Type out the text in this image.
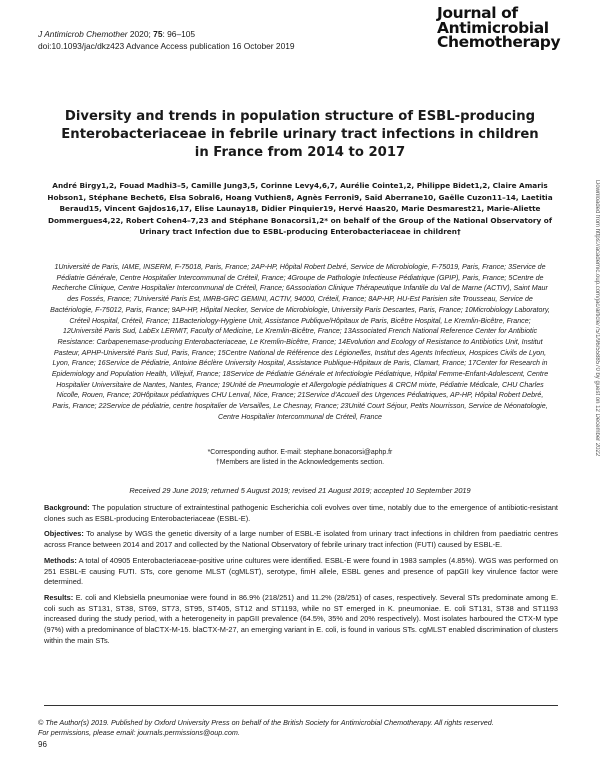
J Antimicrob Chemother 2020; 75: 96–105
doi:10.1093/jac/dkz423 Advance Access publication 16 October 2019
Journal of
Antimicrobial
Chemotherapy
Downloaded from https://academic.oup.com/jac/article/75/1/96/5588570 by guest on 12 December 2022
Diversity and trends in population structure of ESBL-producing Enterobacteriaceae in febrile urinary tract infections in children in France from 2014 to 2017
André Birgy1,2, Fouad Madhi3–5, Camille Jung3,5, Corinne Levy4,6,7, Aurélie Cointe1,2, Philippe Bidet1,2, Claire Amaris Hobson1, Stéphane Bechet6, Elsa Sobral6, Hoang Vuthien8, Agnès Ferroni9, Saïd Aberrane10, Gaëlle Cuzon11–14, Laetitia Beraud15, Vincent Gajdos16,17, Elise Launay18, Didier Pinquier19, Hervé Haas20, Marie Desmarest21, Marie-Aliette Dommergues4,22, Robert Cohen4–7,23 and Stéphane Bonacorsi1,2* on behalf of the Group of the National Observatory of Urinary tract Infection due to ESBL-producing Enterobacteriaceae in children†
1Université de Paris, IAME, INSERM, F-75018, Paris, France; 2AP-HP, Hôpital Robert Debré, Service de Microbiologie, F-75019, Paris, France; 3Service de Pédiatrie Générale, Centre Hospitalier Intercommunal de Créteil, France; 4Groupe de Pathologie Infectieuse Pédiatrique (GPIP), Paris, France; 5Centre de Recherche Clinique, Centre Hospitalier Intercommunal de Créteil, France; 6Association Clinique Thérapeutique Infantile du Val de Marne (ACTIV), Saint Maur des Fossés, France; 7Université Paris Est, IMRB-GRC GEMINI, ACTIV, 94000, Créteil, France; 8AP-HP, HU-Est Parisien site Trousseau, Service de Bactériologie, F-75012, Paris, France; 9AP-HP, Hôpital Necker, Service de Microbiologie, University Paris Descartes, Paris, France; 10Microbiology Laboratory, Créteil Hospital, Créteil, France; 11Bacteriology-Hygiene Unit, Assistance Publique/Hôpitaux de Paris, Bicêtre Hospital, Le Kremlin-Bicêtre, France; 12Université Paris Sud, LabEx LERMIT, Faculty of Medicine, Le Kremlin-Bicêtre, France; 13Associated French National Reference Center for Antibiotic Resistance: Carbapenemase-producing Enterobacteriaceae, Le Kremlin-Bicêtre, France; 14Evolution and Ecology of Resistance to Antibiotics Unit, Institut Pasteur, APHP-Université Paris Sud, Paris, France; 15Centre National de Référence des Légionelles, Institut des Agents Infectieux, Hospices Civils de Lyon, Lyon, France; 16Service de Pédiatrie, Antoine Béclère University Hospital, Assistance Publique-Hôpitaux de Paris, Clamart, France; 17Center for Research in Epidemiology and Population Health, Villejuif, France; 18Service de Pédiatrie Générale et Infectiologie Pédiatrique, Hôpital Femme-Enfant-Adolescent, Centre Hospitalier Universitaire de Nantes, Nantes, France; 19Unité de Pneumologie et Allergologie pédiatriques & CRCM mixte, Pédiatrie Médicale, CHU Charles Nicolle, Rouen, France; 20Hôpitaux pédiatriques CHU Lenval, Nice, France; 21Service d'Accueil des Urgences Pédiatriques, AP-HP, Hôpital Robert Debré, Paris, France; 22Service de pédiatrie, centre hospitalier de Versailles, Le Chesnay, France; 23Unité Court Séjour, Petits Nourrisson, Service de Néonatologie, Centre Hospitalier Intercommunal de Créteil, France
*Corresponding author. E-mail: stephane.bonacorsi@aphp.fr
†Members are listed in the Acknowledgements section.
Received 29 June 2019; returned 5 August 2019; revised 21 August 2019; accepted 10 September 2019

Background: The population structure of extraintestinal pathogenic Escherichia coli evolves over time, notably due to the emergence of antibiotic-resistant clones such as ESBL-producing Enterobacteriaceae (ESBL-E).

Objectives: To analyse by WGS the genetic diversity of a large number of ESBL-E isolated from urinary tract infections in children from paediatric centres across France between 2014 and 2017 and collected by the National Observatory of febrile urinary tract infection (FUTI) caused by ESBL-E.

Methods: A total of 40905 Enterobacteriaceae-positive urine cultures were identified. ESBL-E were found in 1983 samples (4.85%). WGS was performed on 251 ESBL-E causing FUTI. STs, core genome MLST (cgMLST), serotype, fimH allele, ESBL genes and presence of papGII key virulence factor were determined.

Results: E. coli and Klebsiella pneumoniae were found in 86.9% (218/251) and 11.2% (28/251) of cases, respectively. Several STs predominate among E. coli such as ST131, ST38, ST69, ST73, ST95, ST405, ST12 and ST1193, while no ST emerged in K. pneumoniae. E. coli ST131, ST38 and ST1193 increased during the study period, with a heterogeneity in papGII prevalence (64.5%, 35% and 20% respectively). Most isolates harboured the CTX-M type (97%) with a predominance of blaCTX-M-15. blaCTX-M-27, an emerging variant in E. coli, is found in various STs. cgMLST enabled discrimination of clusters within the main STs.

© The Author(s) 2019. Published by Oxford University Press on behalf of the British Society for Antimicrobial Chemotherapy. All rights reserved.
For permissions, please email: journals.permissions@oup.com.
96
